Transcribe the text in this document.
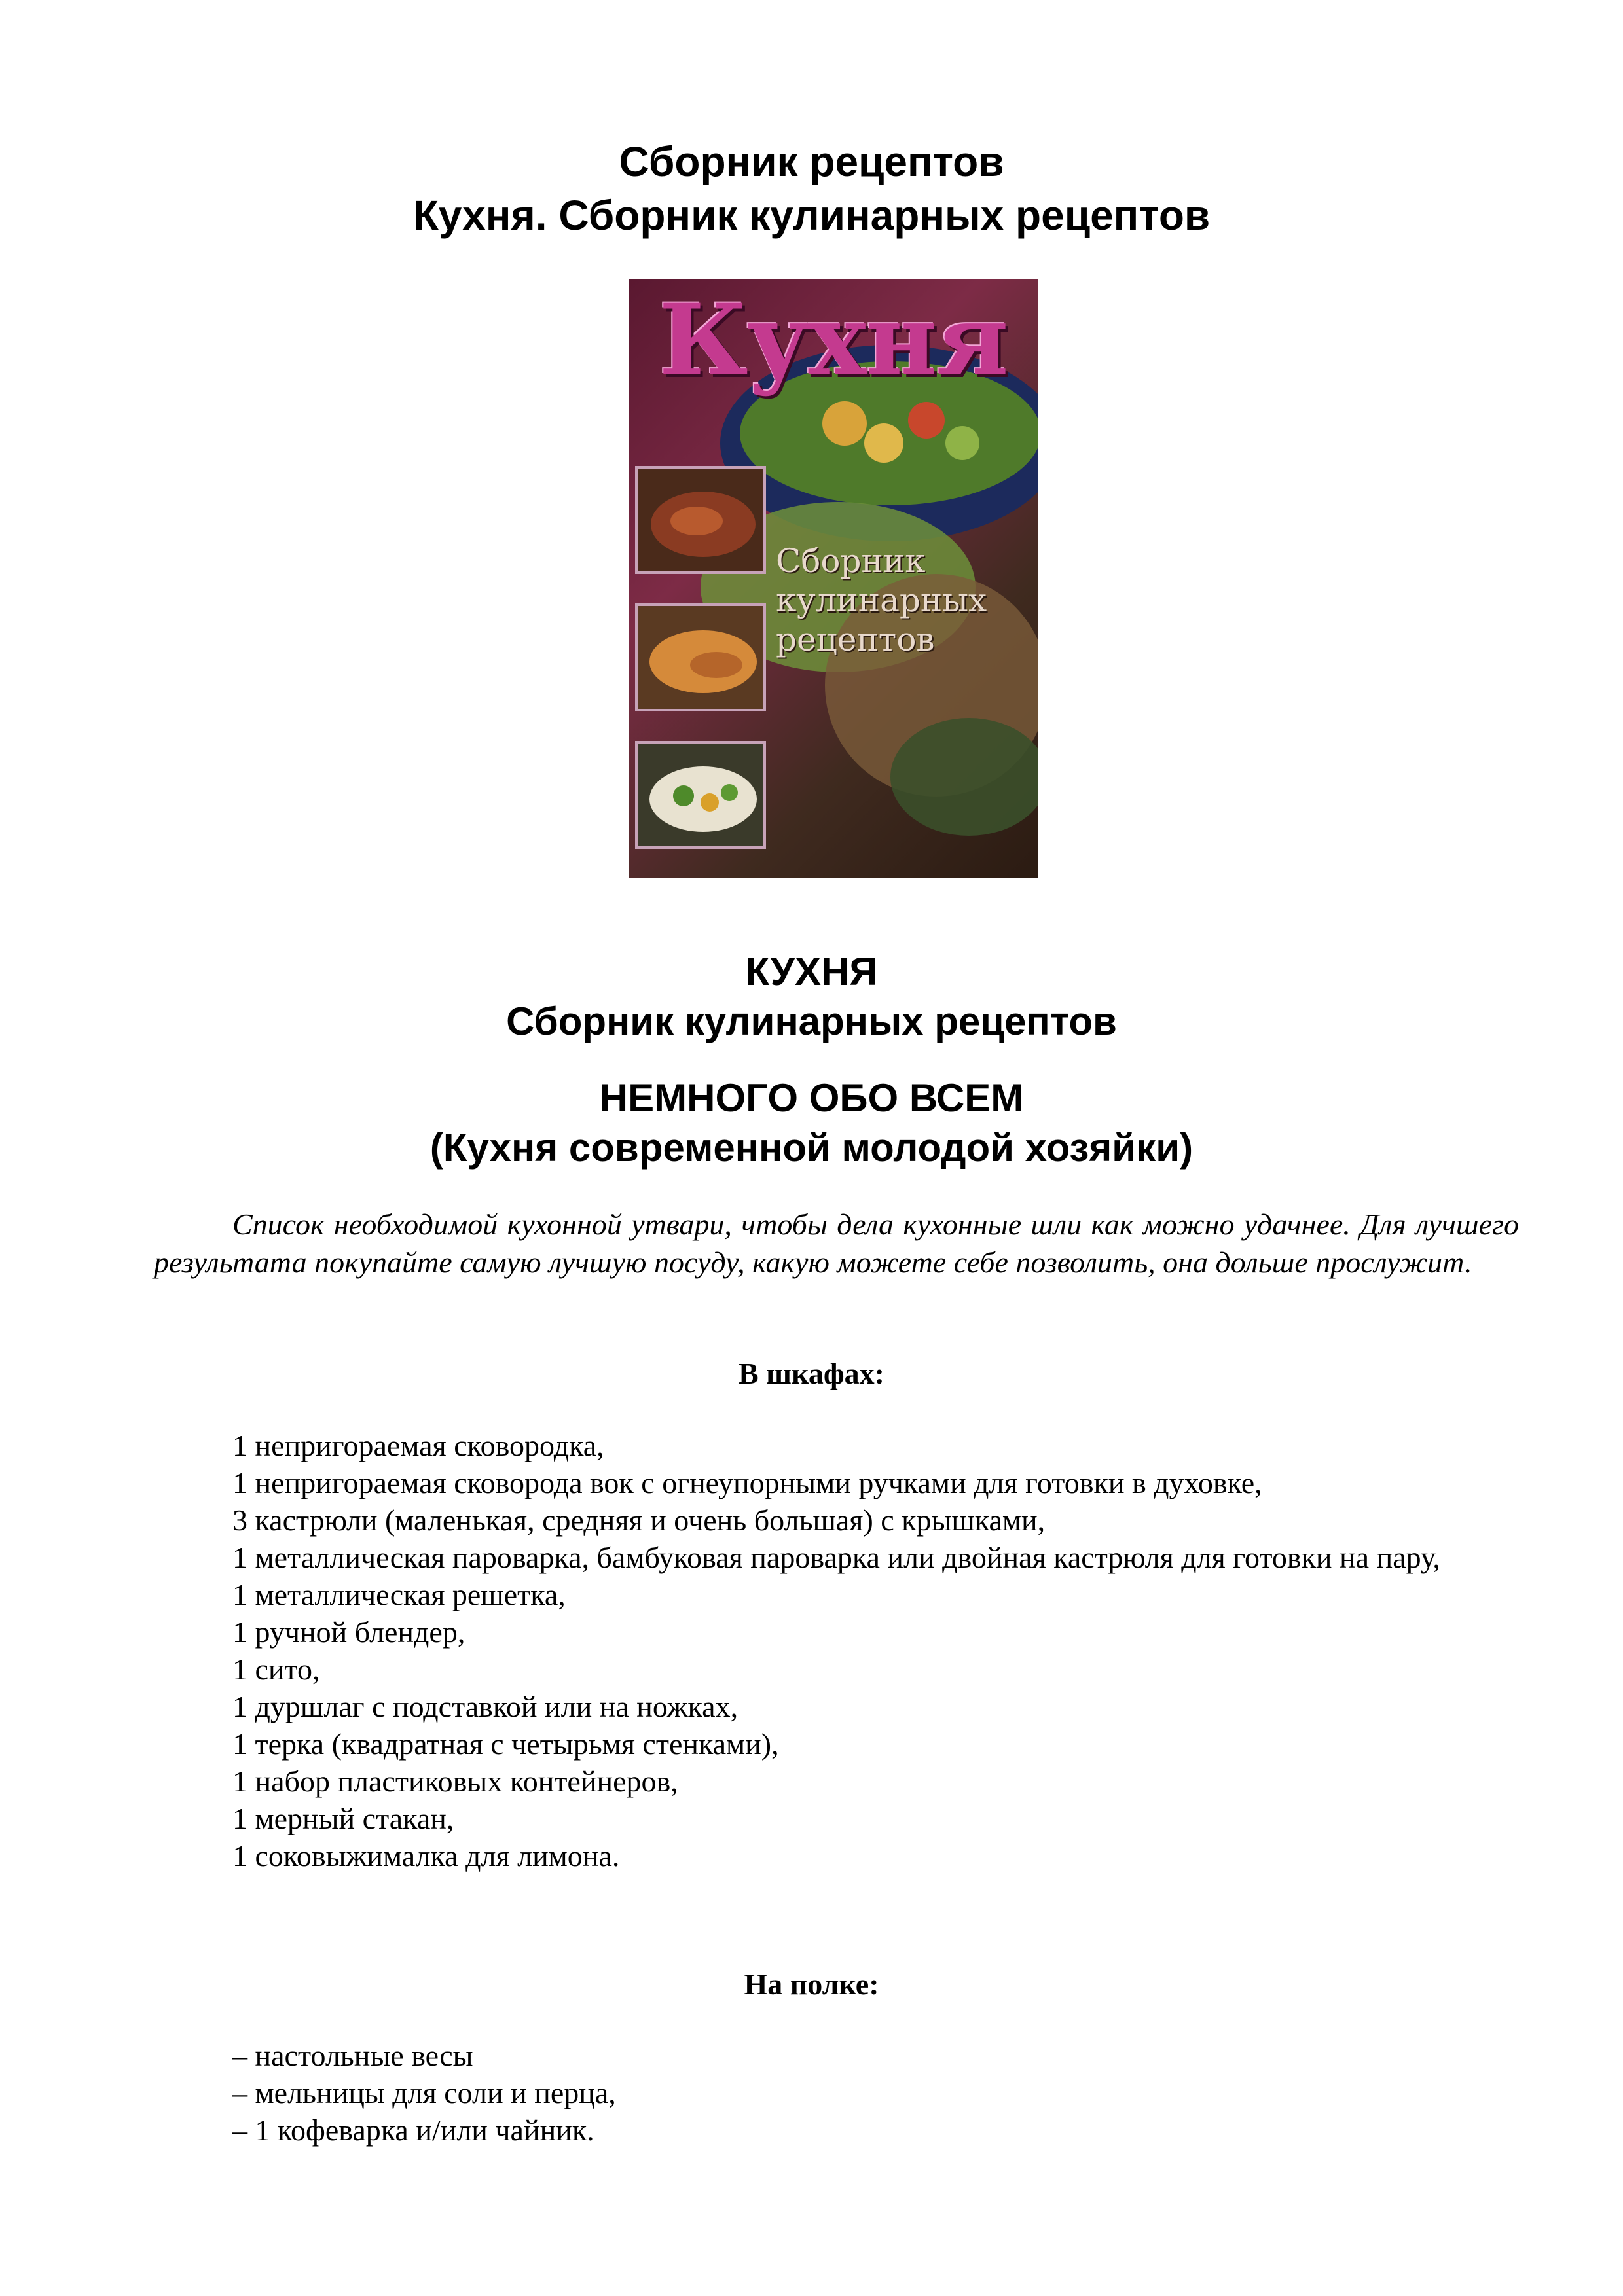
Сборник рецептов
Кухня. Сборник кулинарных рецептов
Кухня
Сборник
кулинарных
рецептов
КУХНЯ
Сборник кулинарных рецептов
НЕМНОГО ОБО ВСЕМ
(Кухня современной молодой хозяйки)

Список необходимой кухонной утвари, чтобы дела кухонные шли как можно удачнее. Для лучшего результата покупайте самую лучшую посуду, какую можете себе позволить, она дольше прослужит.

В шкафах:
1 непригораемая сковородка,
1 непригораемая сковорода вок с огнеупорными ручками для готовки в духовке,
3 кастрюли (маленькая, средняя и очень большая) с крышками,
1 металлическая пароварка, бамбуковая пароварка или двойная кастрюля для готовки на пару,
1 металлическая решетка,
1 ручной блендер,
1 сито,
1 дуршлаг с подставкой или на ножках,
1 терка (квадратная с четырьмя стенками),
1 набор пластиковых контейнеров,
1 мерный стакан,
1 соковыжималка для лимона.
На полке:
– настольные весы
– мельницы для соли и перца,
– 1 кофеварка и/или чайник.
